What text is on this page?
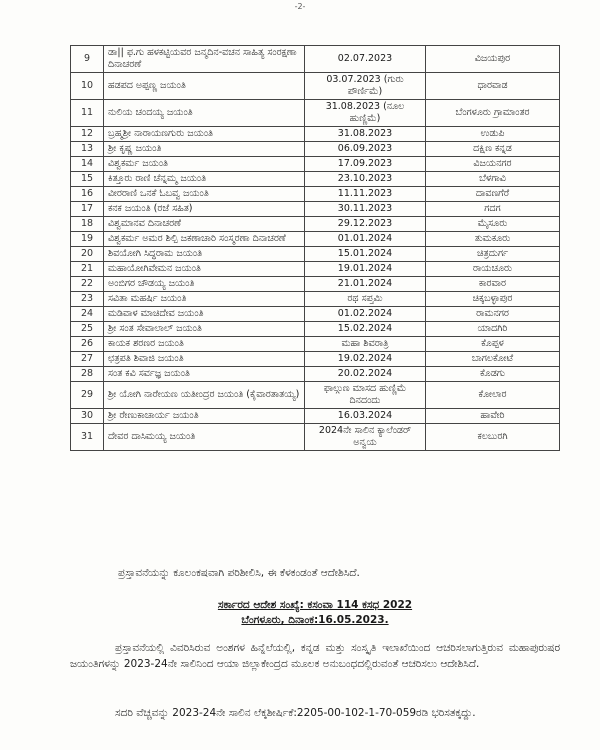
-2-
9	ಡಾ|| ಫ.ಗು ಹಳಕಟ್ಟಿಯವರ ಜನ್ಮದಿನ-ವಚನ ಸಾಹಿತ್ಯ ಸಂರಕ್ಷಣಾ ದಿನಾಚರಣೆ	02.07.2023	ವಿಜಯಪುರ
10	ಹಡಪದ ಅಪ್ಪಣ್ಣ ಜಯಂತಿ	03.07.2023 (ಗುರು ಪೌರ್ಣಿಮೆ)	ಧಾರವಾಡ
11	ನುಲಿಯ ಚಂದಯ್ಯ ಜಯಂತಿ	31.08.2023 (ನೂಲ ಹುಣ್ಣಿಮೆ)	ಬೆಂಗಳೂರು ಗ್ರಾಮಾಂತರ
12	ಬ್ರಹ್ಮಶ್ರೀ ನಾರಾಯಣಗುರು ಜಯಂತಿ	31.08.2023	ಉಡುಪಿ
13	ಶ್ರೀ ಕೃಷ್ಣ ಜಯಂತಿ	06.09.2023	ದಕ್ಷಿಣ ಕನ್ನಡ
14	ವಿಶ್ವಕರ್ಮ ಜಯಂತಿ	17.09.2023	ವಿಜಯನಗರ
15	ಕಿತ್ತೂರು ರಾಣಿ ಚೆನ್ನಮ್ಮ ಜಯಂತಿ	23.10.2023	ಬೆಳಗಾವಿ
16	ವೀರರಾಣಿ ಒನಕೆ ಓಬವ್ವ ಜಯಂತಿ	11.11.2023	ದಾವಣಗೆರೆ
17	ಕನಕ ಜಯಂತಿ (ರಜೆ ಸಹಿತ)	30.11.2023	ಗದಗ
18	ವಿಶ್ವಮಾನವ ದಿನಾಚರಣೆ	29.12.2023	ಮೈಸೂರು
19	ವಿಶ್ವಕರ್ಮ ಅಮರ ಶಿಲ್ಪಿ ಜಕಣಾಚಾರಿ ಸಂಸ್ಮರಣಾ ದಿನಾಚರಣೆ	01.01.2024	ತುಮಕೂರು
20	ಶಿವಯೋಗಿ ಸಿದ್ಧರಾಮ ಜಯಂತಿ	15.01.2024	ಚಿತ್ರದುರ್ಗ
21	ಮಹಾಯೋಗಿವೇಮನ ಜಯಂತಿ	19.01.2024	ರಾಯಚೂರು
22	ಅಂಬಿಗರ ಚೌಡಯ್ಯ ಜಯಂತಿ	21.01.2024	ಕಾರವಾರ
23	ಸವಿತಾ ಮಹರ್ಷಿ ಜಯಂತಿ	ರಥ ಸಪ್ತಮಿ	ಚಿಕ್ಕಬಳ್ಳಾಪುರ
24	ಮಡಿವಾಳ ಮಾಚಿದೇವ ಜಯಂತಿ	01.02.2024	ರಾಮನಗರ
25	ಶ್ರೀ ಸಂತ ಸೇವಾಲಾಲ್ ಜಯಂತಿ	15.02.2024	ಯಾದಗಿರಿ
26	ಕಾಯಕ ಶರಣರ ಜಯಂತಿ	ಮಹಾ ಶಿವರಾತ್ರಿ	ಕೊಪ್ಪಳ
27	ಛತ್ರಪತಿ ಶಿವಾಜಿ ಜಯಂತಿ	19.02.2024	ಬಾಗಲಕೋಟೆ
28	ಸಂತ ಕವಿ ಸರ್ವಜ್ಞ ಜಯಂತಿ	20.02.2024	ಕೊಡಗು
29	ಶ್ರೀ ಯೋಗಿ ನಾರೇಯಣ ಯತೀಂದ್ರರ ಜಯಂತಿ (ಕೈವಾರತಾತಯ್ಯ)	ಫಾಲ್ಗುಣ ಮಾಸದ ಹುಣ್ಣಿಮೆ ದಿನದಂದು	ಕೋಲಾರ
30	ಶ್ರೀ ರೇಣುಕಾಚಾರ್ಯ ಜಯಂತಿ	16.03.2024	ಹಾವೇರಿ
31	ದೇವರ ದಾಸಿಮಯ್ಯ ಜಯಂತಿ	2024ನೇ ಸಾಲಿನ ಕ್ಯಾಲೆಂಡರ್ ಅನ್ವಯ	ಕಲಬುರಗಿ

ಪ್ರಸ್ತಾವನೆಯನ್ನು ಕೂಲಂಕಷವಾಗಿ ಪರಿಶೀಲಿಸಿ, ಈ ಕೆಳಕಂಡಂತೆ ಆದೇಶಿಸಿದೆ.

ಸರ್ಕಾರದ ಆದೇಶ ಸಂಖ್ಯೆ: ಕಸಂವಾ 114 ಕಸಧ 2022
ಬೆಂಗಳೂರು, ದಿನಾಂಕ:16.05.2023.

ಪ್ರಸ್ತಾವನೆಯಲ್ಲಿ ವಿವರಿಸಿರುವ ಅಂಶಗಳ ಹಿನ್ನೆಲೆಯಲ್ಲಿ, ಕನ್ನಡ ಮತ್ತು ಸಂಸ್ಕೃತಿ ಇಲಾಖೆಯಿಂದ ಆಚರಿಸಲಾಗುತ್ತಿರುವ ಮಹಾಪುರುಷರ ಜಯಂತಿಗಳನ್ನು 2023-24ನೇ ಸಾಲಿನಿಂದ ಆಯಾ ಜಿಲ್ಲಾಕೇಂದ್ರದ ಮೂಲಕ ಅನುಬಂಧದಲ್ಲಿರುವಂತೆ ಆಚರಿಸಲು ಆದೇಶಿಸಿದೆ.

ಸದರಿ ವೆಚ್ಚವನ್ನು 2023-24ನೇ ಸಾಲಿನ ಲೆಕ್ಕಶೀರ್ಷಿಕೆ:2205-00-102-1-70-059ರಡಿ ಭರಿಸತಕ್ಕದ್ದು.
